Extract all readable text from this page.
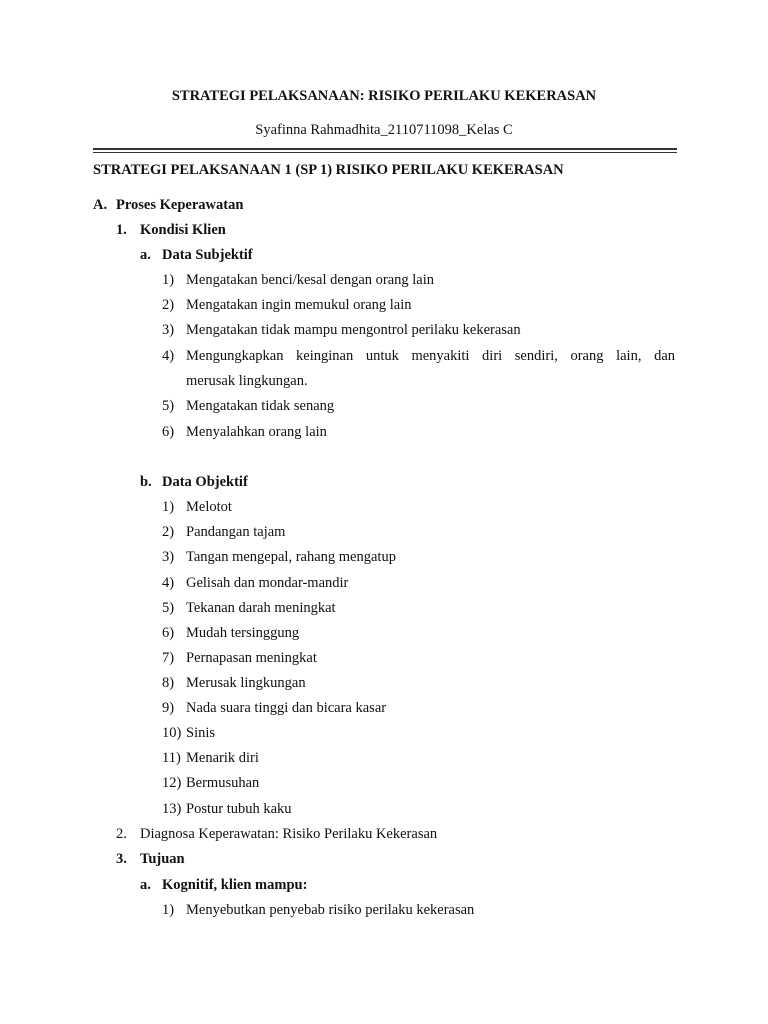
STRATEGI PELAKSANAAN: RISIKO PERILAKU KEKERASAN
Syafinna Rahmadhita_2110711098_Kelas C
STRATEGI PELAKSANAAN 1 (SP 1) RISIKO PERILAKU KEKERASAN
A. Proses Keperawatan
1. Kondisi Klien
a. Data Subjektif
1) Mengatakan benci/kesal dengan orang lain
2) Mengatakan ingin memukul orang lain
3) Mengatakan tidak mampu mengontrol perilaku kekerasan
4) Mengungkapkan keinginan untuk menyakiti diri sendiri, orang lain, dan
merusak lingkungan.
5) Mengatakan tidak senang
6) Menyalahkan orang lain
b. Data Objektif
1) Melotot
2) Pandangan tajam
3) Tangan mengepal, rahang mengatup
4) Gelisah dan mondar-mandir
5) Tekanan darah meningkat
6) Mudah tersinggung
7) Pernapasan meningkat
8) Merusak lingkungan
9) Nada suara tinggi dan bicara kasar
10) Sinis
11) Menarik diri
12) Bermusuhan
13) Postur tubuh kaku
2. Diagnosa Keperawatan: Risiko Perilaku Kekerasan
3. Tujuan
a. Kognitif, klien mampu:
1) Menyebutkan penyebab risiko perilaku kekerasan
